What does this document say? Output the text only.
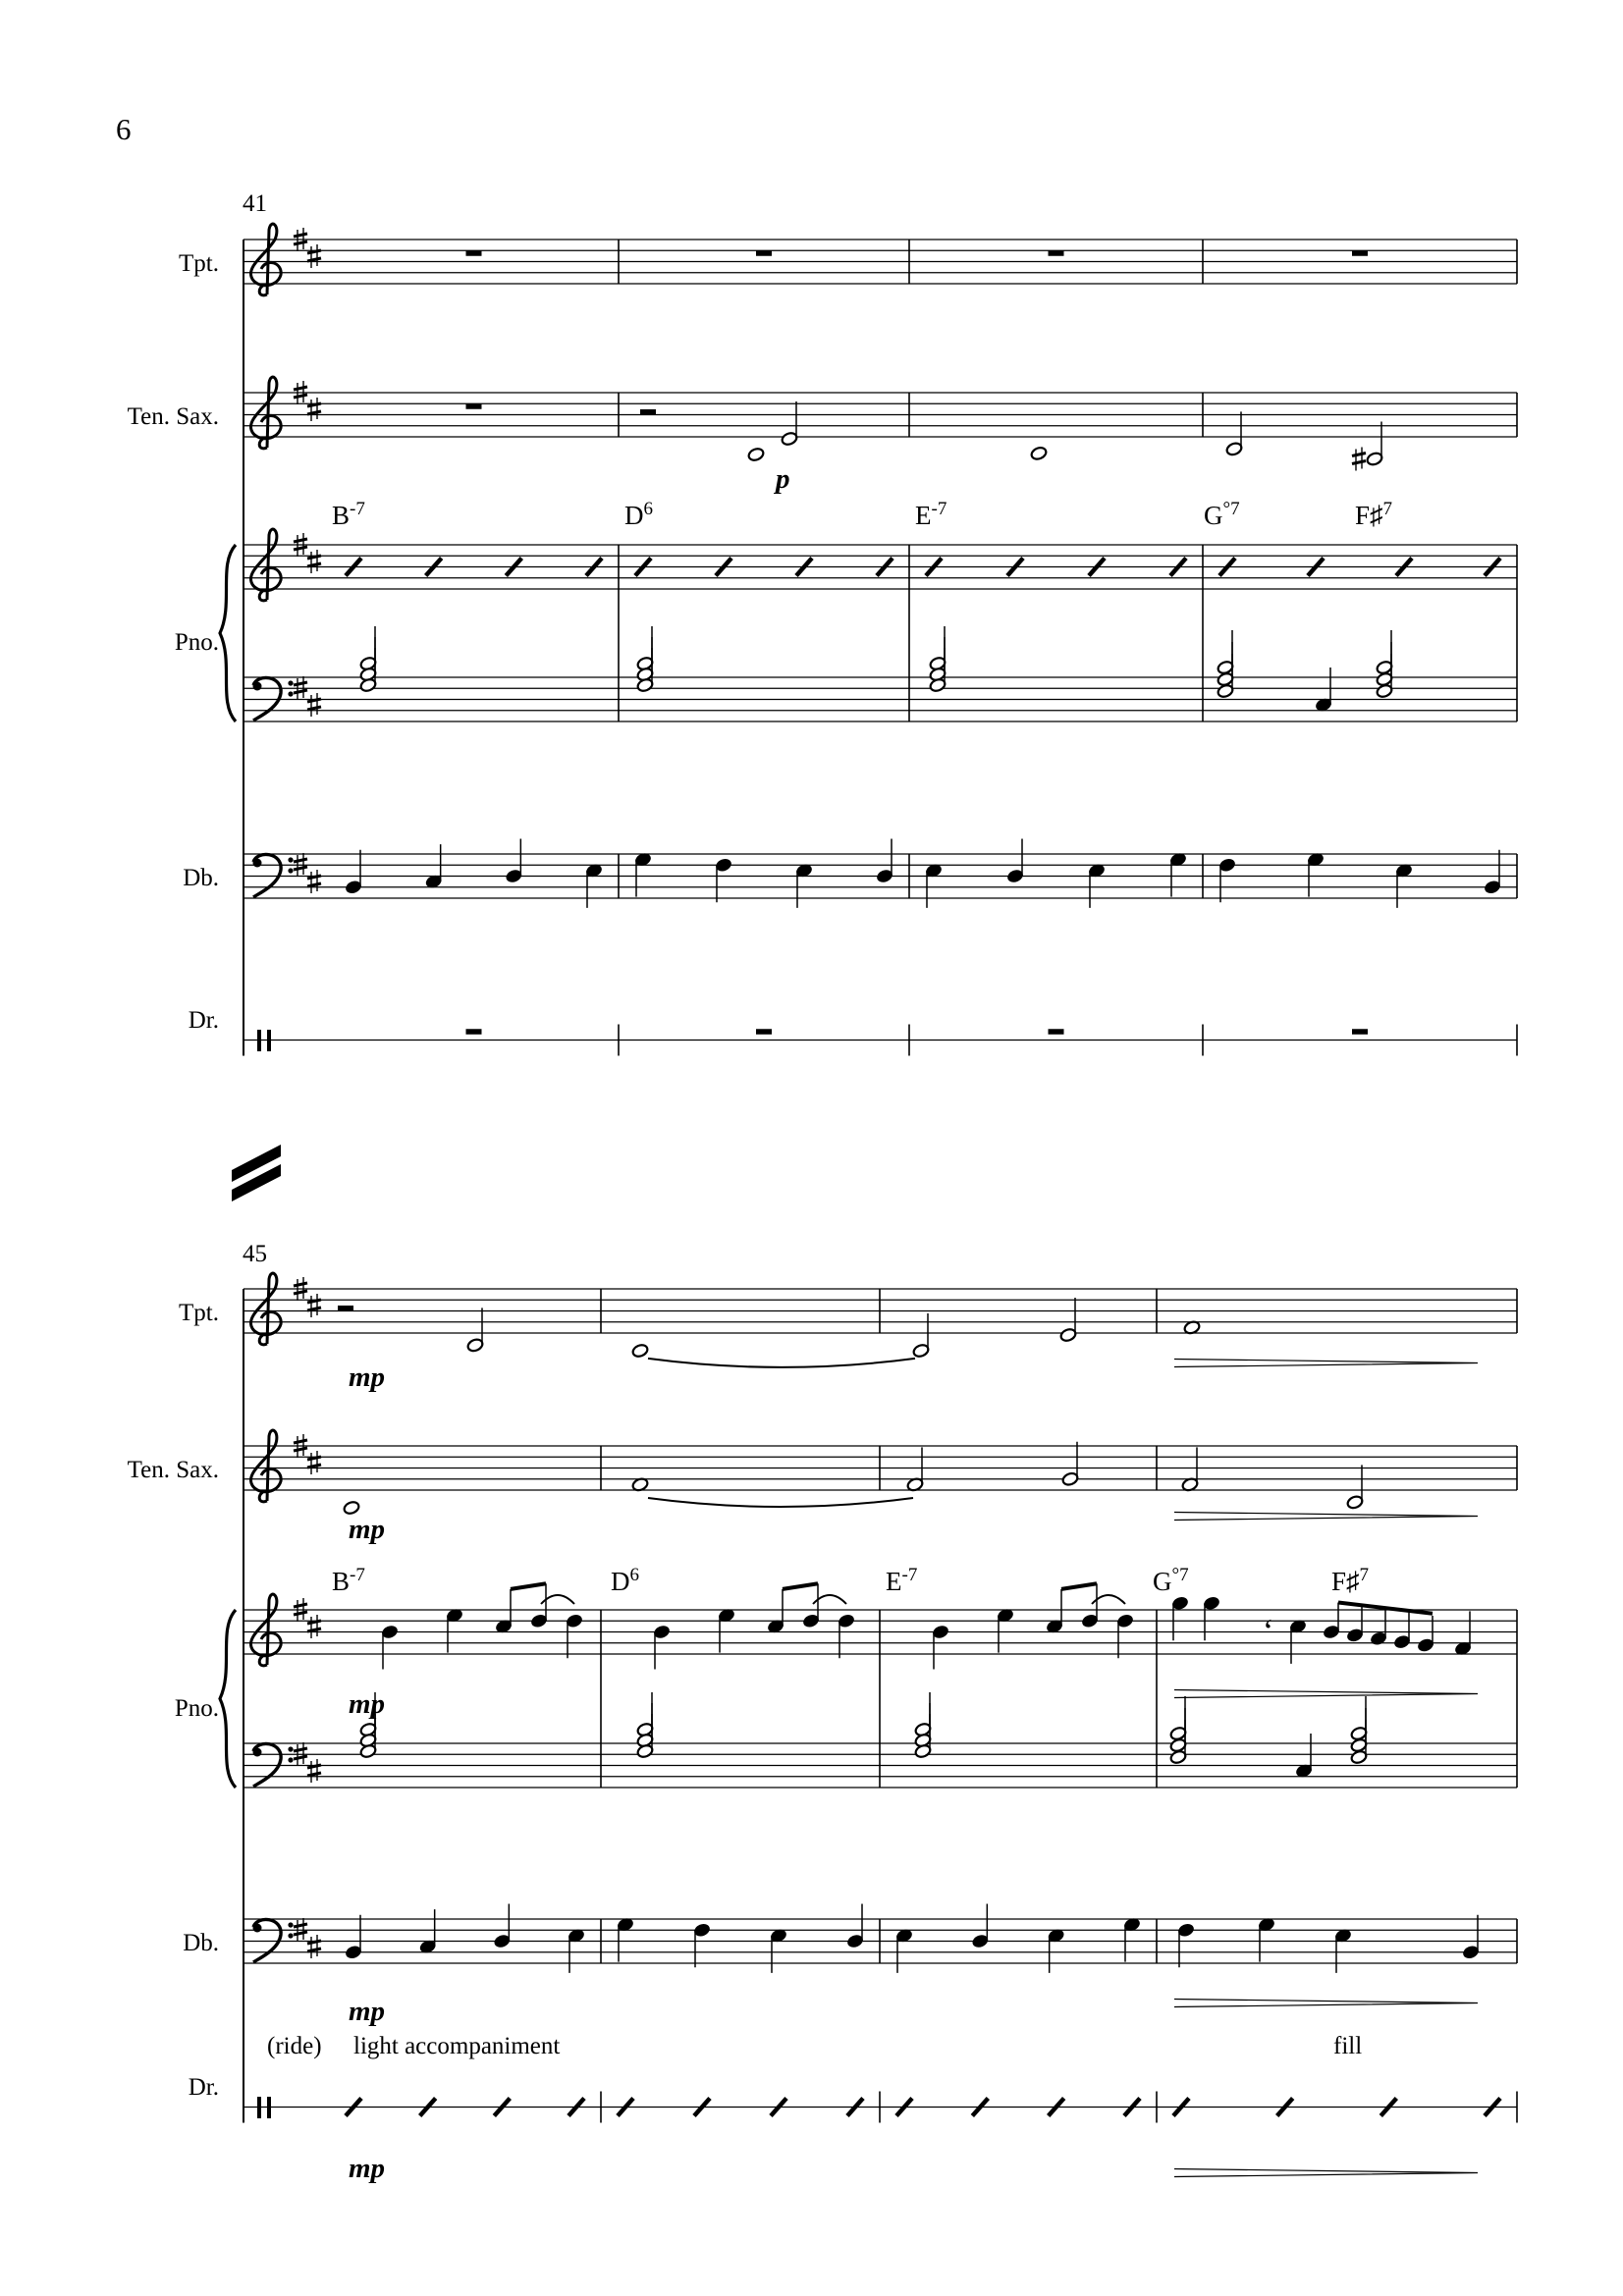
6
41
Tpt.
Ten. Sax.
Pno.
Db.
Dr.
$B^{-7}$	$D^6$	$E^{-7}$	$G^{^\circ 7}$	F♯$^7$
p
45
Tpt.
Ten. Sax.
Pno.
Db.
Dr.
$B^{-7}$	$D^6$	$E^{-7}$	$G^{^\circ 7}$	F♯$^7$
‘
mp
mp
mp
mp
mp
(ride) light accompaniment	fill
